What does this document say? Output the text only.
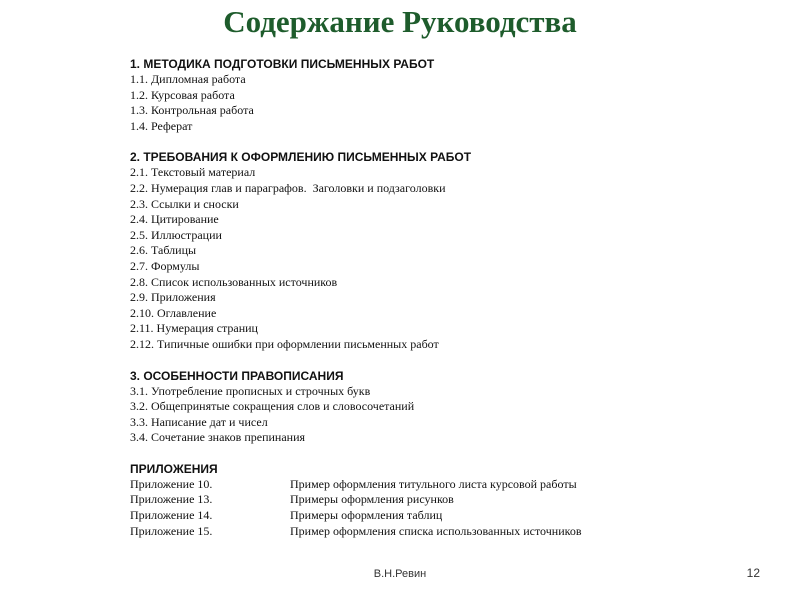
Содержание Руководства
1. МЕТОДИКА ПОДГОТОВКИ ПИСЬМЕННЫХ РАБОТ
1.1. Дипломная работа
1.2. Курсовая работа
1.3. Контрольная работа
1.4. Реферат
2. ТРЕБОВАНИЯ К ОФОРМЛЕНИЮ ПИСЬМЕННЫХ РАБОТ
2.1. Текстовый материал
2.2. Нумерация глав и параграфов.  Заголовки и подзаголовки
2.3. Ссылки и сноски
2.4. Цитирование
2.5. Иллюстрации
2.6. Таблицы
2.7. Формулы
2.8. Список использованных источников
2.9. Приложения
2.10. Оглавление
2.11. Нумерация страниц
2.12. Типичные ошибки при оформлении письменных работ
3. ОСОБЕННОСТИ ПРАВОПИСАНИЯ
3.1. Употребление прописных и строчных букв
3.2. Общепринятые сокращения слов и словосочетаний
3.3. Написание дат и чисел
3.4. Сочетание знаков препинания
ПРИЛОЖЕНИЯ
Приложение 10.	Пример оформления титульного листа курсовой работы
Приложение 13.	Примеры оформления рисунков
Приложение 14.	Примеры оформления таблиц
Приложение 15.	Пример оформления списка использованных источников
В.Н.Ревин	12
